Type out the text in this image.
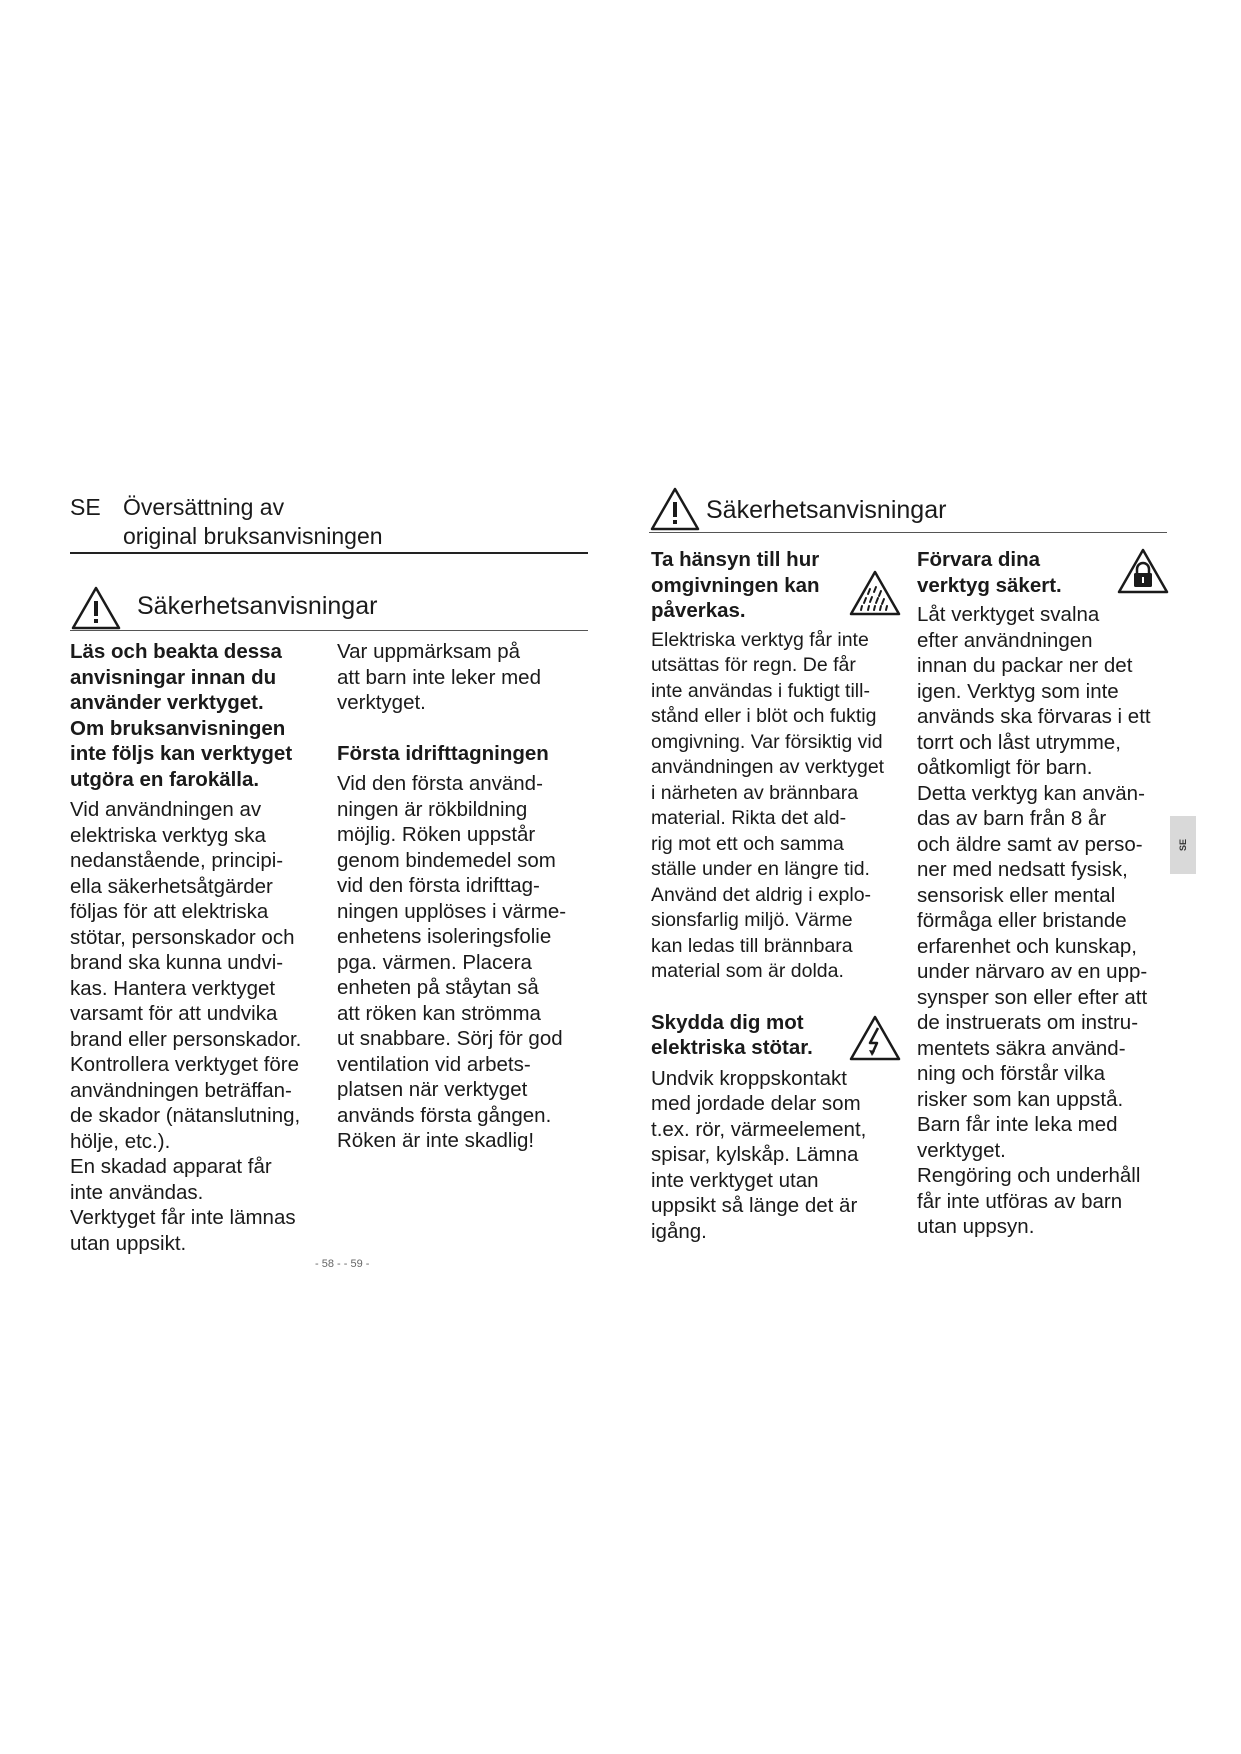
SE Översättning av
original bruksanvisningen
Säkerhetsanvisningar

Läs och beakta dessa

anvisningar innan du

använder verktyget.

Om bruksanvisningen

inte följs kan verktyget

utgöra en farokälla.

Vid användningen av

elektriska verktyg ska

nedanstående, principi-

ella säkerhetsåtgärder

följas för att elektriska

stötar, personskador och

brand ska kunna undvi-

kas. Hantera verktyget

varsamt för att undvika

brand eller personskador.

Kontrollera verktyget före

användningen beträffan-

de skador (nätanslutning,

hölje, etc.).

En skadad apparat får

inte användas.

Verktyget får inte lämnas

utan uppsikt.

Var uppmärksam på

att barn inte leker med

verktyget.

Första idrifttagningen

Vid den första använd-

ningen är rökbildning

möjlig. Röken uppstår

genom bindemedel som

vid den första idrifttag-

ningen upplöses i värme-

enhetens isoleringsfolie

pga. värmen. Placera

enheten på ståytan så

att röken kan strömma

ut snabbare. Sörj för god

ventilation vid arbets-

platsen när verktyget

används första gången.

Röken är inte skadlig!

- 58 - - 59 -
Säkerhetsanvisningar

Ta hänsyn till hur

omgivningen kan

påverkas.

Elektriska verktyg får inte

utsättas för regn. De får

inte användas i fuktigt till-

stånd eller i blöt och fuktig

omgivning. Var försiktig vid

användningen av verktyget

i närheten av brännbara

material. Rikta det ald-

rig mot ett och samma

ställe under en längre tid.

Använd det aldrig i explo-

sionsfarlig miljö. Värme

kan ledas till brännbara

material som är dolda.

Skydda dig mot

elektriska stötar.

Undvik kroppskontakt

med jordade delar som

t.ex. rör, värmeelement,

spisar, kylskåp. Lämna

inte verktyget utan

uppsikt så länge det är

igång.

Förvara dina

verktyg säkert.

Låt verktyget svalna

efter användningen

innan du packar ner det

igen. Verktyg som inte

används ska förvaras i ett

torrt och låst utrymme,

oåtkomligt för barn.

Detta verktyg kan använ-

das av barn från 8 år

och äldre samt av perso-

ner med nedsatt fysisk,

sensorisk eller mental

förmåga eller bristande

erfarenhet och kunskap,

under närvaro av en upp-

synsper son eller efter att

de instruerats om instru-

mentets säkra använd-

ning och förstår vilka

risker som kan uppstå.

Barn får inte leka med

verktyget.

Rengöring och underhåll

får inte utföras av barn

utan uppsyn.

SE
